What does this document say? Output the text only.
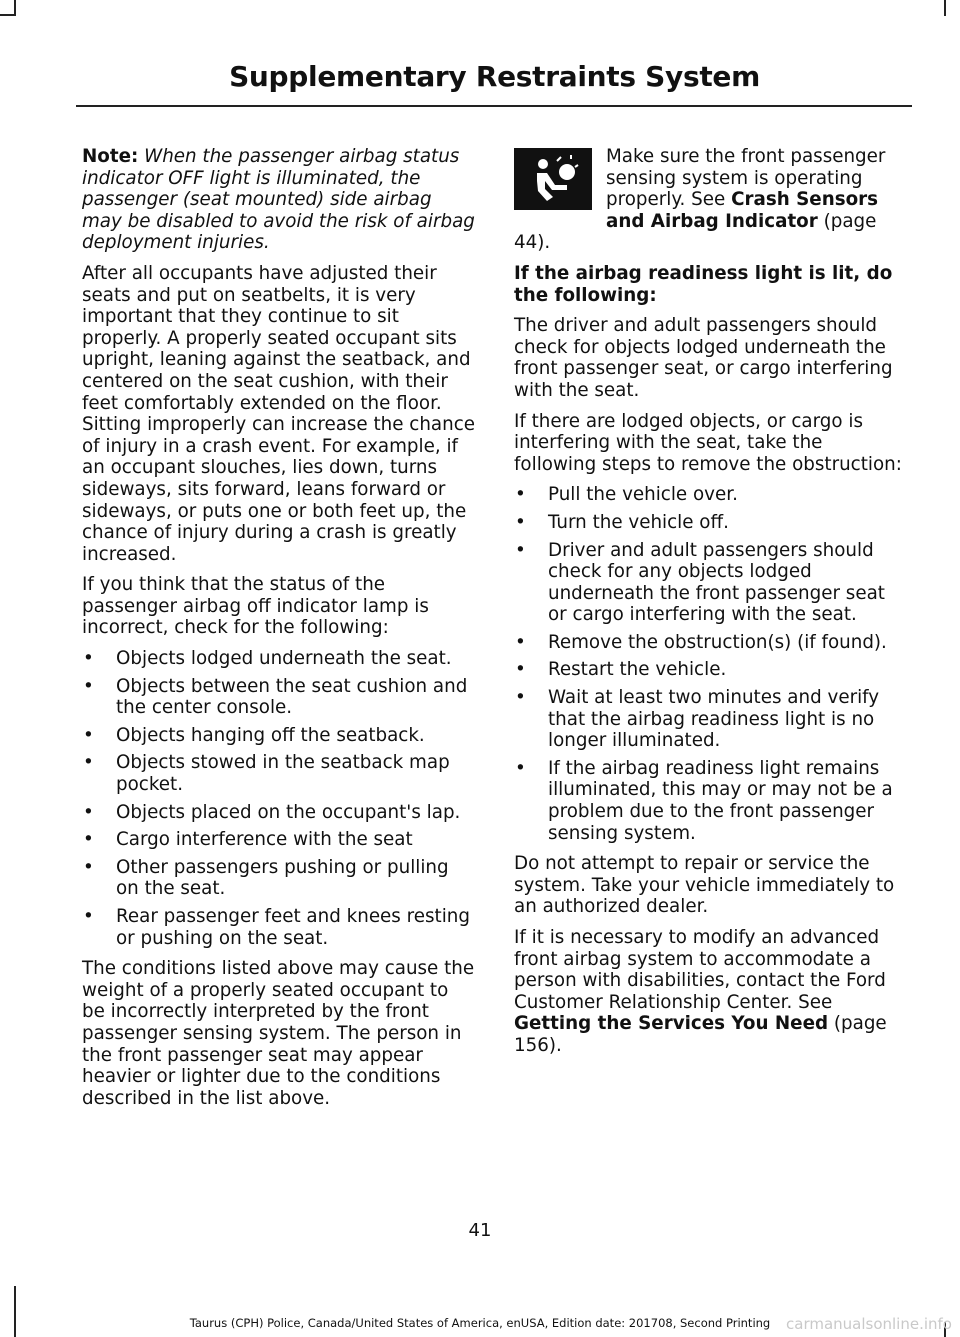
Supplementary Restraints System

Note: When the passenger airbag status indicator OFF light is illuminated, the passenger (seat mounted) side airbag may be disabled to avoid the risk of airbag deployment injuries.

After all occupants have adjusted their seats and put on seatbelts, it is very important that they continue to sit properly. A properly seated occupant sits upright, leaning against the seatback, and centered on the seat cushion, with their feet comfortably extended on the floor. Sitting improperly can increase the chance of injury in a crash event. For example, if an occupant slouches, lies down, turns sideways, sits forward, leans forward or sideways, or puts one or both feet up, the chance of injury during a crash is greatly increased.

If you think that the status of the passenger airbag off indicator lamp is incorrect, check for the following:

• Objects lodged underneath the seat.
• Objects between the seat cushion and the center console.
• Objects hanging off the seatback.
• Objects stowed in the seatback map pocket.
• Objects placed on the occupant's lap.
• Cargo interference with the seat
• Other passengers pushing or pulling on the seat.
• Rear passenger feet and knees resting or pushing on the seat.

The conditions listed above may cause the weight of a properly seated occupant to be incorrectly interpreted by the front passenger sensing system. The person in the front passenger seat may appear heavier or lighter due to the conditions described in the list above.

Make sure the front passenger sensing system is operating properly. See Crash Sensors and Airbag Indicator (page 44).

If the airbag readiness light is lit, do the following:

The driver and adult passengers should check for objects lodged underneath the front passenger seat, or cargo interfering with the seat.

If there are lodged objects, or cargo is interfering with the seat, take the following steps to remove the obstruction:

• Pull the vehicle over.
• Turn the vehicle off.
• Driver and adult passengers should check for any objects lodged underneath the front passenger seat or cargo interfering with the seat.
• Remove the obstruction(s) (if found).
• Restart the vehicle.
• Wait at least two minutes and verify that the airbag readiness light is no longer illuminated.
• If the airbag readiness light remains illuminated, this may or may not be a problem due to the front passenger sensing system.

Do not attempt to repair or service the system. Take your vehicle immediately to an authorized dealer.

If it is necessary to modify an advanced front airbag system to accommodate a person with disabilities, contact the Ford Customer Relationship Center. See Getting the Services You Need (page 156).

41
Taurus (CPH) Police, Canada/United States of America, enUSA, Edition date: 201708, Second Printing	carmanualsonline.info
